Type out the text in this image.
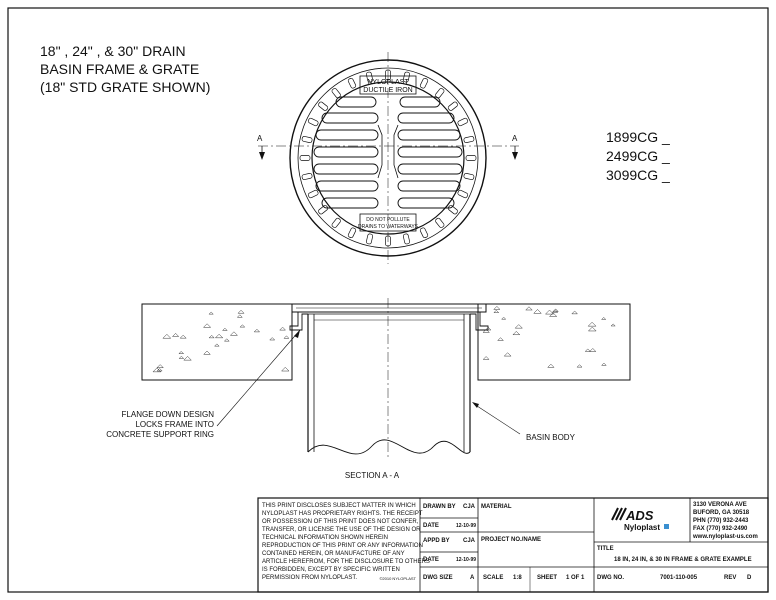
18" , 24" , & 30" DRAIN
BASIN FRAME & GRATE
(18" STD GRATE SHOWN)
1899CG _
2499CG _
3099CG _
A	A
NYLOPLAST
DUCTILE IRON
DO NOT POLLUTE
DRAINS TO WATERWAYS
FLANGE DOWN DESIGN
LOCKS FRAME INTO
CONCRETE SUPPORT RING	BASIN BODY
SECTION A - A
THIS PRINT DISCLOSES SUBJECT MATTER IN WHICH
NYLOPLAST HAS PROPRIETARY RIGHTS. THE RECEIPT
OR POSSESSION OF THIS PRINT DOES NOT CONFER,
TRANSFER, OR LICENSE THE USE OF THE DESIGN OR
TECHNICAL INFORMATION SHOWN HEREIN
REPRODUCTION OF THIS PRINT OR ANY INFORMATION
CONTAINED HEREIN, OR MANUFACTURE OF ANY
ARTICLE HEREFROM, FOR THE DISCLOSURE TO OTHERS
IS FORBIDDEN, EXCEPT BY SPECIFIC WRITTEN
PERMISSION FROM NYLOPLAST.	©2010 NYLOPLAST
DRAWN BY CJA
DATE	12-10-99
APPD BY CJA
DATE	12-10-99
MATERIAL
PROJECT NO./NAME
DWG SIZE	A SCALE 1:8	SHEET 1 OF 1
ADS
Nyloplast
3130 VERONA AVE
BUFORD, GA 30518
PHN (770) 932-2443
FAX (770) 932-2490
www.nyloplast-us.com
TITLE
18 IN, 24 IN, & 30 IN FRAME & GRATE EXAMPLE
DWG NO.	7001-110-005	REV D
